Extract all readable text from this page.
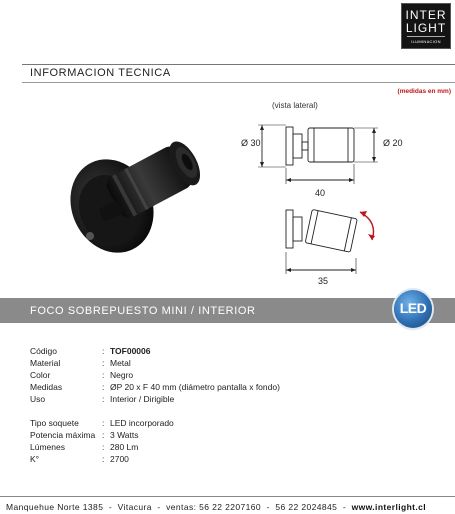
INTER
LIGHT
ILUMINACION
INFORMACION TECNICA
(medidas en mm)
(vista lateral)
Ø 30	Ø 20
40
35
FOCO SOBREPUESTO MINI / INTERIOR	LED
Código	: TOF00006
Material	: Metal
Color	: Negro
Medidas	: ØP 20 x F 40 mm (diámetro pantalla x fondo)
Uso	: Interior / Dirigible
Tipo soquete	: LED incorporado
Potencia máxima : 3 Watts
Lúmenes	: 280 Lm
K°	: 2700
Manquehue Norte 1385 - Vitacura - ventas: 56 22 2207160 - 56 22 2024845 - www.interlight.cl
